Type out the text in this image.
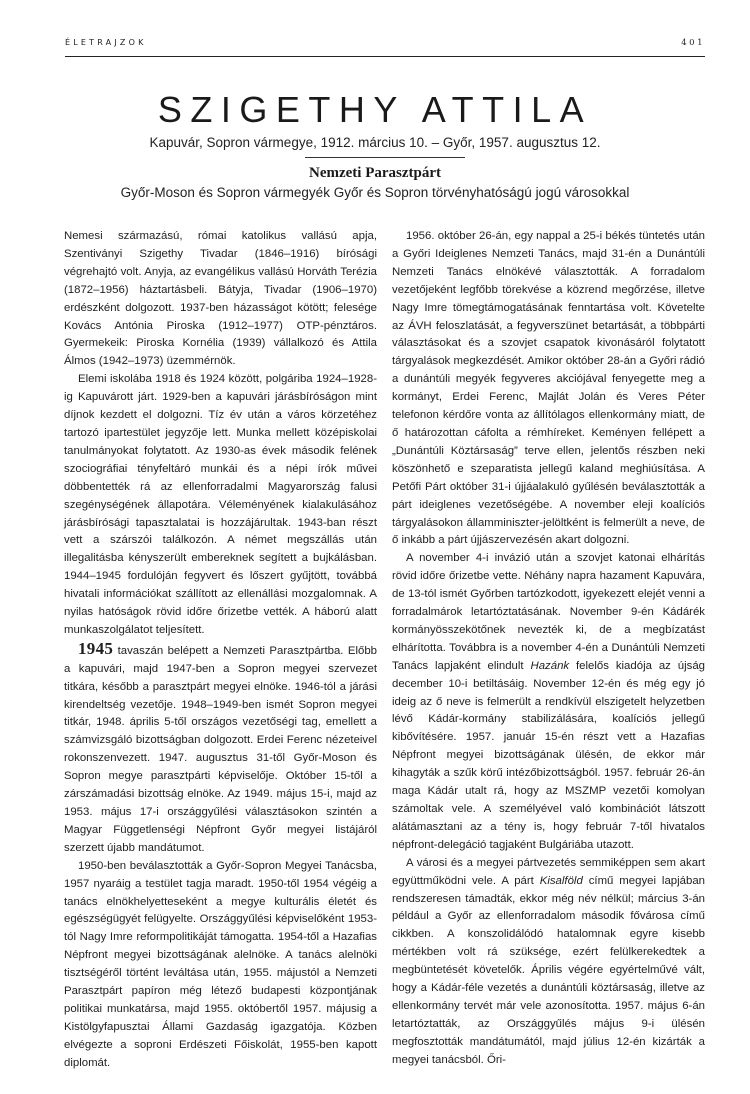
ÉLETRAJZOK	401
SZIGETHY ATTILA
Kapuvár, Sopron vármegye, 1912. március 10. – Győr, 1957. augusztus 12.
Nemzeti Parasztpárt
Győr-Moson és Sopron vármegyék Győr és Sopron törvényhatóságú jogú városokkal

Nemesi származású, római katolikus vallású apja, Szentiványi Szigethy Tivadar (1846–1916) bírósági végrehajtó volt. Anyja, az evangélikus vallású Horváth Terézia (1872–1956) háztartásbeli. Bátyja, Tivadar (1906–1970) erdészként dolgozott. 1937-ben házasságot kötött; felesége Kovács Antónia Piroska (1912–1977) OTP-pénztáros. Gyermekeik: Piroska Kornélia (1939) vállalkozó és Attila Álmos (1942–1973) üzemmérnök.

Elemi iskolába 1918 és 1924 között, polgáriba 1924–1928-ig Kapuvárott járt. 1929-ben a kapuvári járásbíróságon mint díjnok kezdett el dolgozni. Tíz év után a város körzetéhez tartozó ipartestület jegyzője lett. Munka mellett középiskolai tanulmányokat folytatott. Az 1930-as évek második felének szociográfiai tényfeltáró munkái és a népi írók művei döbbentették rá az ellenforradalmi Magyarország falusi szegénységének állapotára. Véleményének kialakulásához járásbírósági tapasztalatai is hozzájárultak. 1943-ban részt vett a szárszói találkozón. A német megszállás után illegalitásba kényszerült embereknek segített a bujkálásban. 1944–1945 fordulóján fegyvert és lőszert gyűjtött, továbbá hivatali információkat szállított az ellenállási mozgalomnak. A nyilas hatóságok rövid időre őrizetbe vették. A háború alatt munkaszolgálatot teljesített.

1945 tavaszán belépett a Nemzeti Parasztpártba. Előbb a kapuvári, majd 1947-ben a Sopron megyei szervezet titkára, később a parasztpárt megyei elnöke. 1946-tól a járási kirendeltség vezetője. 1948–1949-ben ismét Sopron megyei titkár, 1948. április 5-től országos vezetőségi tag, emellett a számvizsgáló bizottságban dolgozott. Erdei Ferenc nézeteivel rokonszenvezett. 1947. augusztus 31-től Győr-Moson és Sopron megye parasztpárti képviselője. Október 15-től a zárszámadási bizottság elnöke. Az 1949. május 15-i, majd az 1953. május 17-i országgyűlési választásokon szintén a Magyar Függetlenségi Népfront Győr megyei listájáról szerzett újabb mandátumot.

1950-ben beválasztották a Győr-Sopron Megyei Tanácsba, 1957 nyaráig a testület tagja maradt. 1950-től 1954 végéig a tanács elnökhelyetteseként a megye kulturális életét és egészségügyét felügyelte. Országgyűlési képviselőként 1953-tól Nagy Imre reformpolitikáját támogatta. 1954-től a Hazafias Népfront megyei bizottságának alelnöke. A tanács alelnöki tisztségéről történt leváltása után, 1955. májustól a Nemzeti Parasztpárt papíron még létező budapesti központjának politikai munkatársa, majd 1955. októbertől 1957. májusig a Kistölgyfapusztai Állami Gazdaság igazgatója. Közben elvégezte a soproni Erdészeti Főiskolát, 1955-ben kapott diplomát.

1956. október 26-án, egy nappal a 25-i békés tüntetés után a Győri Ideiglenes Nemzeti Tanács, majd 31-én a Dunántúli Nemzeti Tanács elnökévé választották. A forradalom vezetőjeként legfőbb törekvése a közrend megőrzése, illetve Nagy Imre tömegtámogatásának fenntartása volt. Követelte az ÁVH feloszlatását, a fegyverszünet betartását, a többpárti választásokat és a szovjet csapatok kivonásáról folytatott tárgyalások megkezdését. Amikor október 28-án a Győri rádió a dunántúli megyék fegyveres akciójával fenyegette meg a kormányt, Erdei Ferenc, Majlát Jolán és Veres Péter telefonon kérdőre vonta az állítólagos ellenkormány miatt, de ő határozottan cáfolta a rémhíreket. Keményen fellépett a „Dunántúli Köztársaság” terve ellen, jelentős részben neki köszönhető e szeparatista jellegű kaland meghiúsítása. A Petőfi Párt október 31-i újjáalakuló gyűlésén beválasztották a párt ideiglenes vezetőségébe. A november eleji koalíciós tárgyalásokon államminiszter-jelöltként is felmerült a neve, de ő inkább a párt újjászervezésén akart dolgozni.

A november 4-i invázió után a szovjet katonai elhárítás rövid időre őrizetbe vette. Néhány napra hazament Kapuvára, de 13-tól ismét Győrben tartózkodott, igyekezett elejét venni a forradalmárok letartóztatásának. November 9-én Kádárék kormányösszekötőnek nevezték ki, de a megbízatást elhárította. Továbbra is a november 4-én a Dunántúli Nemzeti Tanács lapjaként elindult Hazánk felelős kiadója az újság december 10-i betiltásáig. November 12-én és még egy jó ideig az ő neve is felmerült a rendkívül elszigetelt helyzetben lévő Kádár-kormány stabilizálására, koalíciós jellegű kibővítésére. 1957. január 15-én részt vett a Hazafias Népfront megyei bizottságának ülésén, de ekkor már kihagyták a szűk körű intézőbizottságból. 1957. február 26-án maga Kádár utalt rá, hogy az MSZMP vezetői komolyan számoltak vele. A személyével való kombinációt látszott alátámasztani az a tény is, hogy február 7-től hivatalos népfront-delegáció tagjaként Bulgáriába utazott.

A városi és a megyei pártvezetés semmiképpen sem akart együttműködni vele. A párt Kisalföld című megyei lapjában rendszeresen támadták, ekkor még név nélkül; március 3-án például a Győr az ellenforradalom második fővárosa című cikkben. A konszolidálódó hatalomnak egyre kisebb mértékben volt rá szüksége, ezért felülkerekedtek a megbüntetését követelők. Április végére egyértelművé vált, hogy a Kádár-féle vezetés a dunántúli köztársaság, illetve az ellenkormány tervét már vele azonosította. 1957. május 6-án letartóztatták, az Országgyűlés május 9-i ülésén megfosztották mandátumától, majd július 12-én kizárták a megyei tanácsból. Őri-
